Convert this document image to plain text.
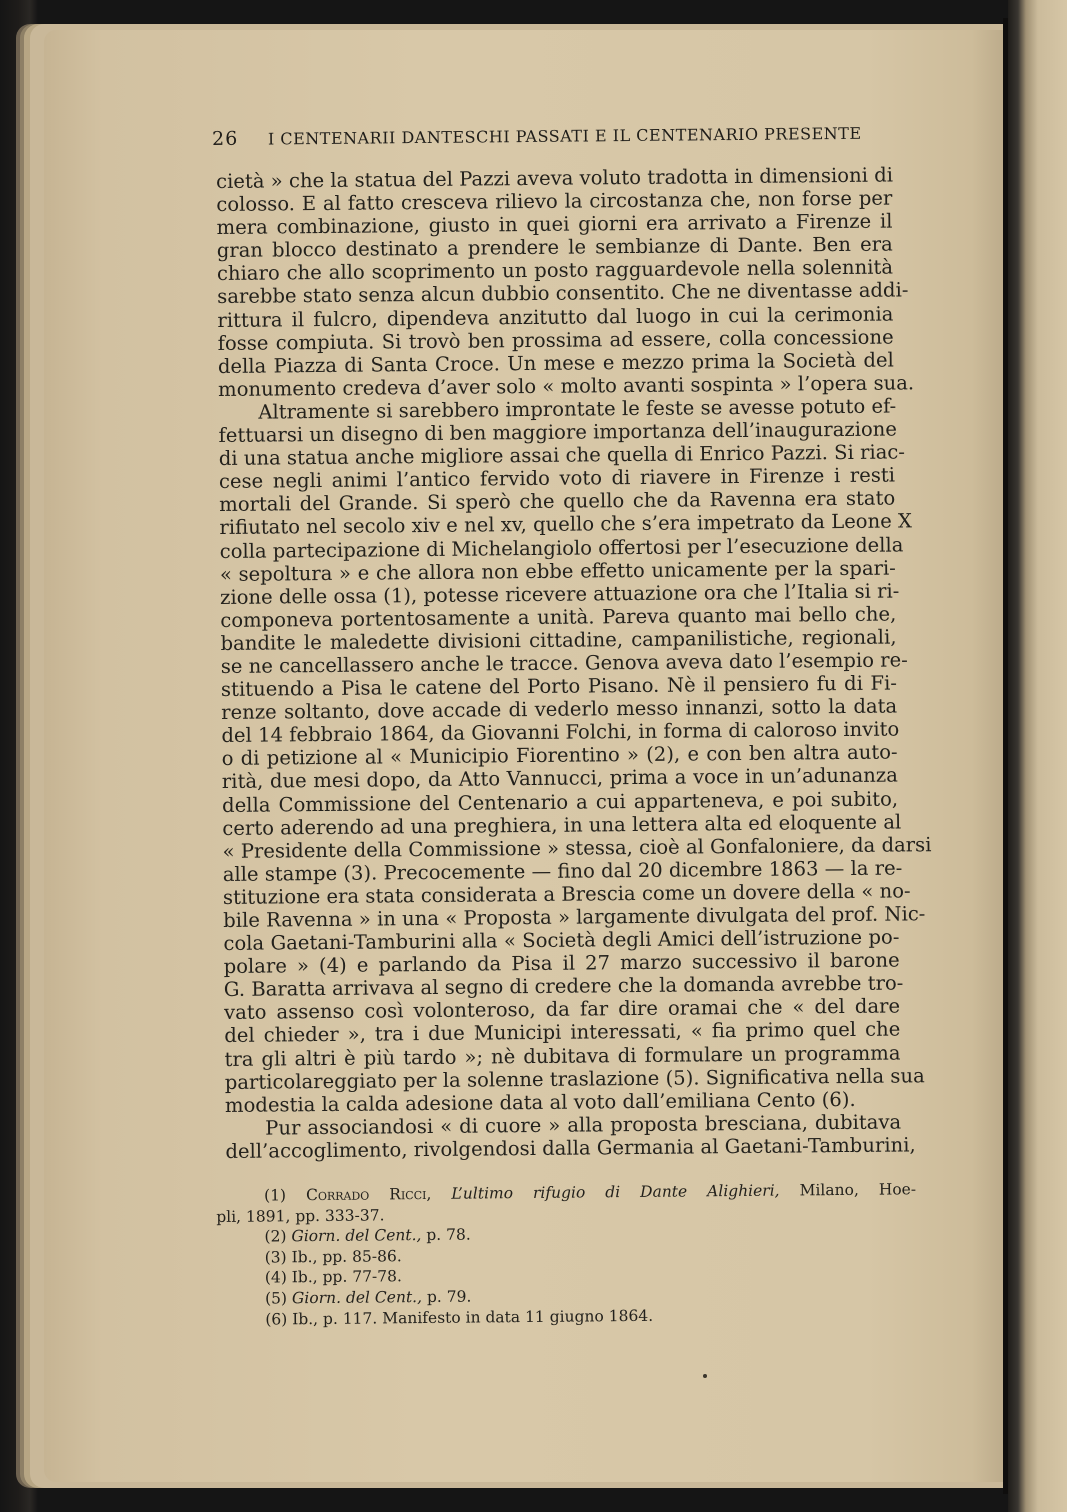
26 I CENTENARII DANTESCHI PASSATI E IL CENTENARIO PRESENTE
cietà » che la statua del Pazzi aveva voluto tradotta in dimensioni di
colosso. E al fatto cresceva rilievo la circostanza che, non forse per
mera combinazione, giusto in quei giorni era arrivato a Firenze il
gran blocco destinato a prendere le sembianze di Dante. Ben era
chiaro che allo scoprimento un posto ragguardevole nella solennità
sarebbe stato senza alcun dubbio consentito. Che ne diventasse addi-
rittura il fulcro, dipendeva anzitutto dal luogo in cui la cerimonia
fosse compiuta. Si trovò ben prossima ad essere, colla concessione
della Piazza di Santa Croce. Un mese e mezzo prima la Società del
monumento credeva d’aver solo « molto avanti sospinta » l’opera sua.
Altramente si sarebbero improntate le feste se avesse potuto ef-
fettuarsi un disegno di ben maggiore importanza dell’inaugurazione
di una statua anche migliore assai che quella di Enrico Pazzi. Si riac-
cese negli animi l’antico fervido voto di riavere in Firenze i resti
mortali del Grande. Si sperò che quello che da Ravenna era stato
rifiutato nel secolo xiv e nel xv, quello che s’era impetrato da Leone X
colla partecipazione di Michelangiolo offertosi per l’esecuzione della
« sepoltura » e che allora non ebbe effetto unicamente per la spari-
zione delle ossa (1), potesse ricevere attuazione ora che l’Italia si ri-
componeva portentosamente a unità. Pareva quanto mai bello che,
bandite le maledette divisioni cittadine, campanilistiche, regionali,
se ne cancellassero anche le tracce. Genova aveva dato l’esempio re-
stituendo a Pisa le catene del Porto Pisano. Nè il pensiero fu di Fi-
renze soltanto, dove accade di vederlo messo innanzi, sotto la data
del 14 febbraio 1864, da Giovanni Folchi, in forma di caloroso invito
o di petizione al « Municipio Fiorentino » (2), e con ben altra auto-
rità, due mesi dopo, da Atto Vannucci, prima a voce in un’adunanza
della Commissione del Centenario a cui apparteneva, e poi subito,
certo aderendo ad una preghiera, in una lettera alta ed eloquente al
« Presidente della Commissione » stessa, cioè al Gonfaloniere, da darsi
alle stampe (3). Precocemente — fino dal 20 dicembre 1863 — la re-
stituzione era stata considerata a Brescia come un dovere della « no-
bile Ravenna » in una « Proposta » largamente divulgata del prof. Nic-
cola Gaetani-Tamburini alla « Società degli Amici dell’istruzione po-
polare » (4) e parlando da Pisa il 27 marzo successivo il barone
G. Baratta arrivava al segno di credere che la domanda avrebbe tro-
vato assenso così volonteroso, da far dire oramai che « del dare
del chieder », tra i due Municipi interessati, « fia primo quel che
tra gli altri è più tardo »; nè dubitava di formulare un programma
particolareggiato per la solenne traslazione (5). Significativa nella sua
modestia la calda adesione data al voto dall’emiliana Cento (6).
Pur associandosi « di cuore » alla proposta bresciana, dubitava
dell’accoglimento, rivolgendosi dalla Germania al Gaetani-Tamburini,
(1) Corrado Ricci, L’ultimo rifugio di Dante Alighieri, Milano, Hoe-
pli, 1891, pp. 333-37.
(2) Giorn. del Cent., p. 78.
(3) Ib., pp. 85-86.
(4) Ib., pp. 77-78.
(5) Giorn. del Cent., p. 79.
(6) Ib., p. 117. Manifesto in data 11 giugno 1864.
